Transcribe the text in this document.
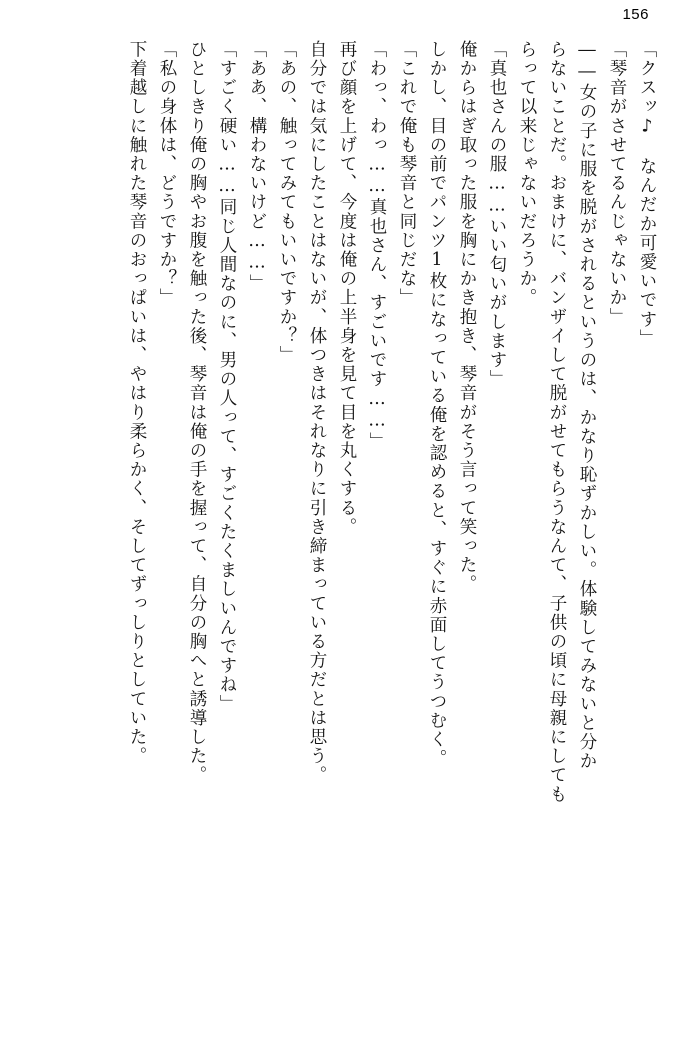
156
「クスッ♪　なんだか可愛いです」
「琴音がさせてるんじゃないか」
――女の子に服を脱がされるというのは、かなり恥ずかしい。体験してみないと分か
らないことだ。おまけに、バンザイして脱がせてもらうなんて、子供の頃に母親にしても
らって以来じゃないだろうか。
「真也さんの服……いい匂いがします」
俺からはぎ取った服を胸にかき抱き、琴音がそう言って笑った。
しかし、目の前でパンツ1枚になっている俺を認めると、すぐに赤面してうつむく。
「これで俺も琴音と同じだな」
「わっ、わっ……真也さん、すごいです……」
再び顔を上げて、今度は俺の上半身を見て目を丸くする。
自分では気にしたことはないが、体つきはそれなりに引き締まっている方だとは思う。
「あの、触ってみてもいいですか？」
「ああ、構わないけど……」
「すごく硬い……同じ人間なのに、男の人って、すごくたくましいんですね」
ひとしきり俺の胸やお腹を触った後、琴音は俺の手を握って、自分の胸へと誘導した。
「私の身体は、どうですか？」
下着越しに触れた琴音のおっぱいは、やはり柔らかく、そしてずっしりとしていた。
